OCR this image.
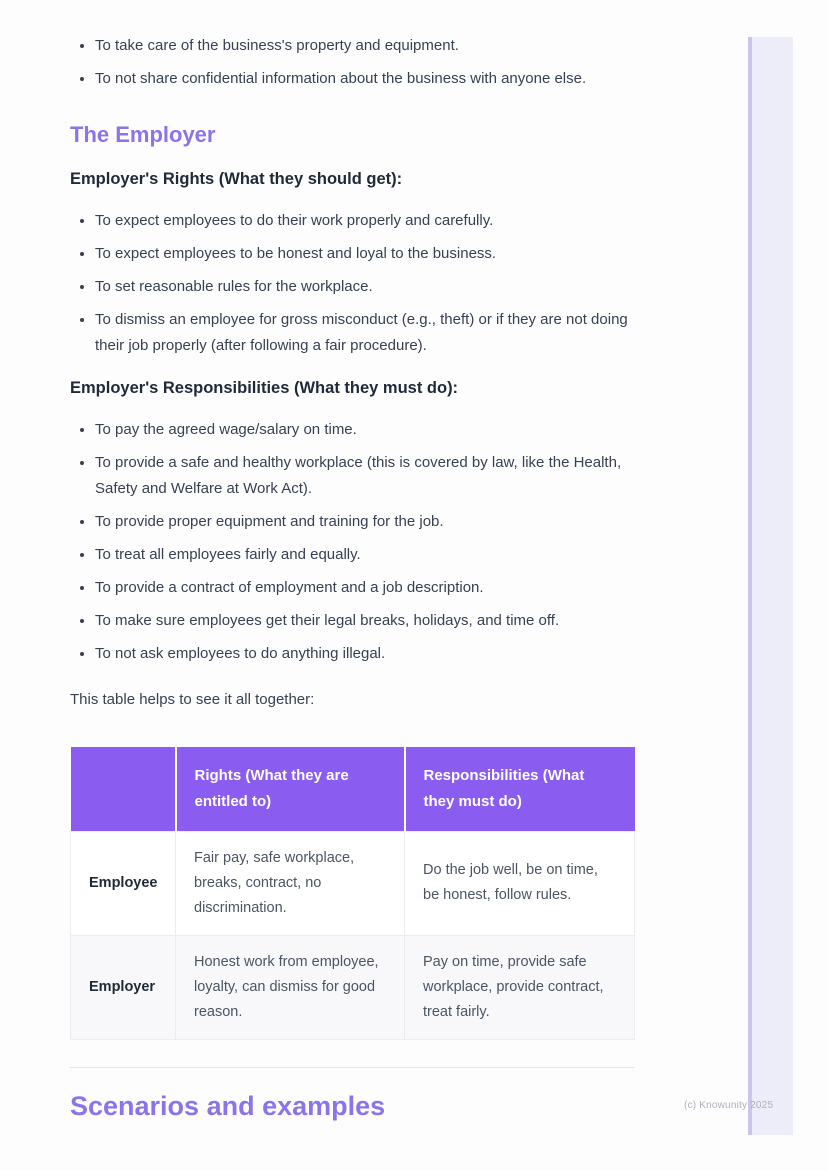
(c) Knowunity 2025
• To take care of the business's property and equipment.
• To not share confidential information about the business with anyone else.
The Employer

Employer's Rights (What they should get):

• To expect employees to do their work properly and carefully.
• To expect employees to be honest and loyal to the business.
• To set reasonable rules for the workplace.
• To dismiss an employee for gross misconduct (e.g., theft) or if they are not doing their job properly (after following a fair procedure).

Employer's Responsibilities (What they must do):

• To pay the agreed wage/salary on time.
• To provide a safe and healthy workplace (this is covered by law, like the Health, Safety and Welfare at Work Act).
• To provide proper equipment and training for the job.
• To treat all employees fairly and equally.
• To provide a contract of employment and a job description.
• To make sure employees get their legal breaks, holidays, and time off.
• To not ask employees to do anything illegal.

This table helps to see it all together:

	Rights (What they are entitled to)	Responsibilities (What they must do)
Employee	Fair pay, safe workplace, breaks, contract, no discrimination.	Do the job well, be on time, be honest, follow rules.
Employer	Honest work from employee, loyalty, can dismiss for good reason.	Pay on time, provide safe workplace, provide contract, treat fairly.
Scenarios and examples
